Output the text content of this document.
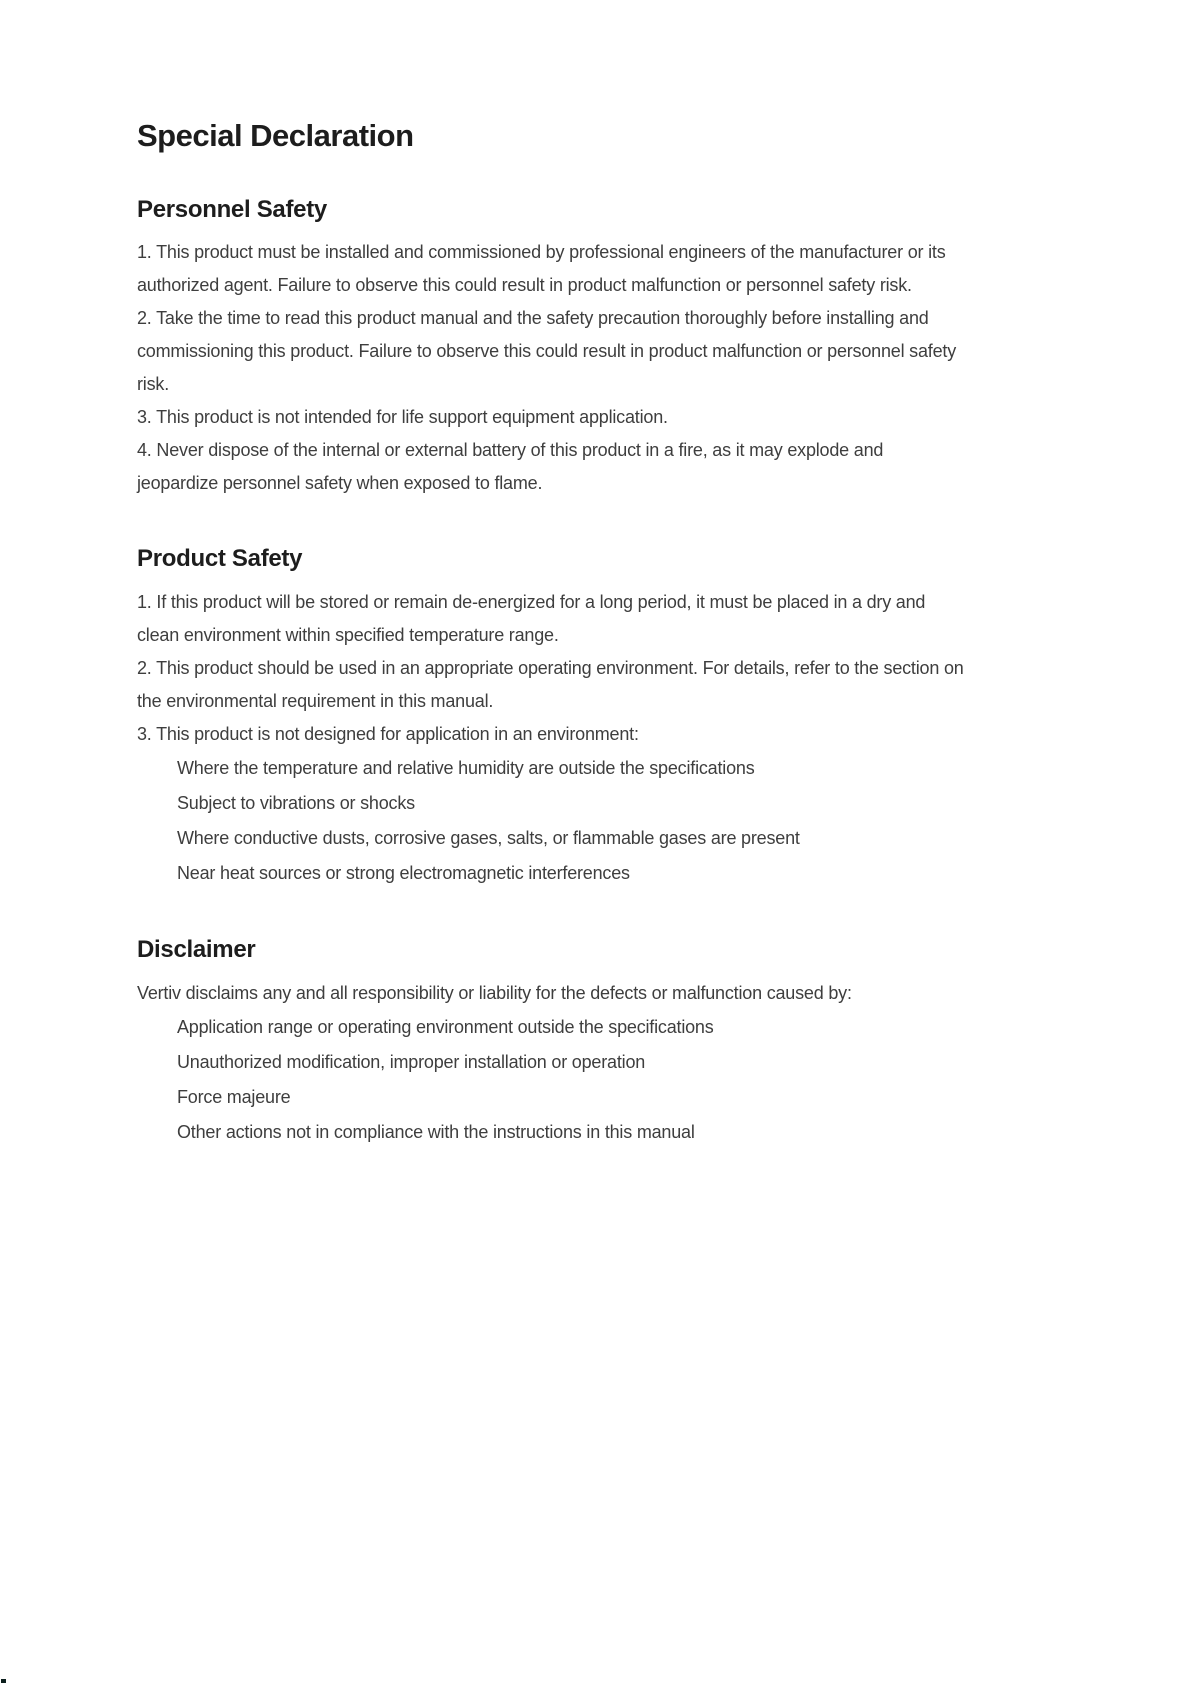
Special Declaration
Personnel Safety

1. This product must be installed and commissioned by professional engineers of the manufacturer or its authorized agent. Failure to observe this could result in product malfunction or personnel safety risk.

2. Take the time to read this product manual and the safety precaution thoroughly before installing and commissioning this product. Failure to observe this could result in product malfunction or personnel safety risk.

3. This product is not intended for life support equipment application.

4. Never dispose of the internal or external battery of this product in a fire, as it may explode and jeopardize personnel safety when exposed to flame.

Product Safety

1. If this product will be stored or remain de-energized for a long period, it must be placed in a dry and clean environment within specified temperature range.

2. This product should be used in an appropriate operating environment. For details, refer to the section on the environmental requirement in this manual.

3. This product is not designed for application in an environment:

Where the temperature and relative humidity are outside the specifications
Subject to vibrations or shocks
Where conductive dusts, corrosive gases, salts, or flammable gases are present
Near heat sources or strong electromagnetic interferences
Disclaimer

Vertiv disclaims any and all responsibility or liability for the defects or malfunction caused by:

Application range or operating environment outside the specifications
Unauthorized modification, improper installation or operation
Force majeure
Other actions not in compliance with the instructions in this manual
